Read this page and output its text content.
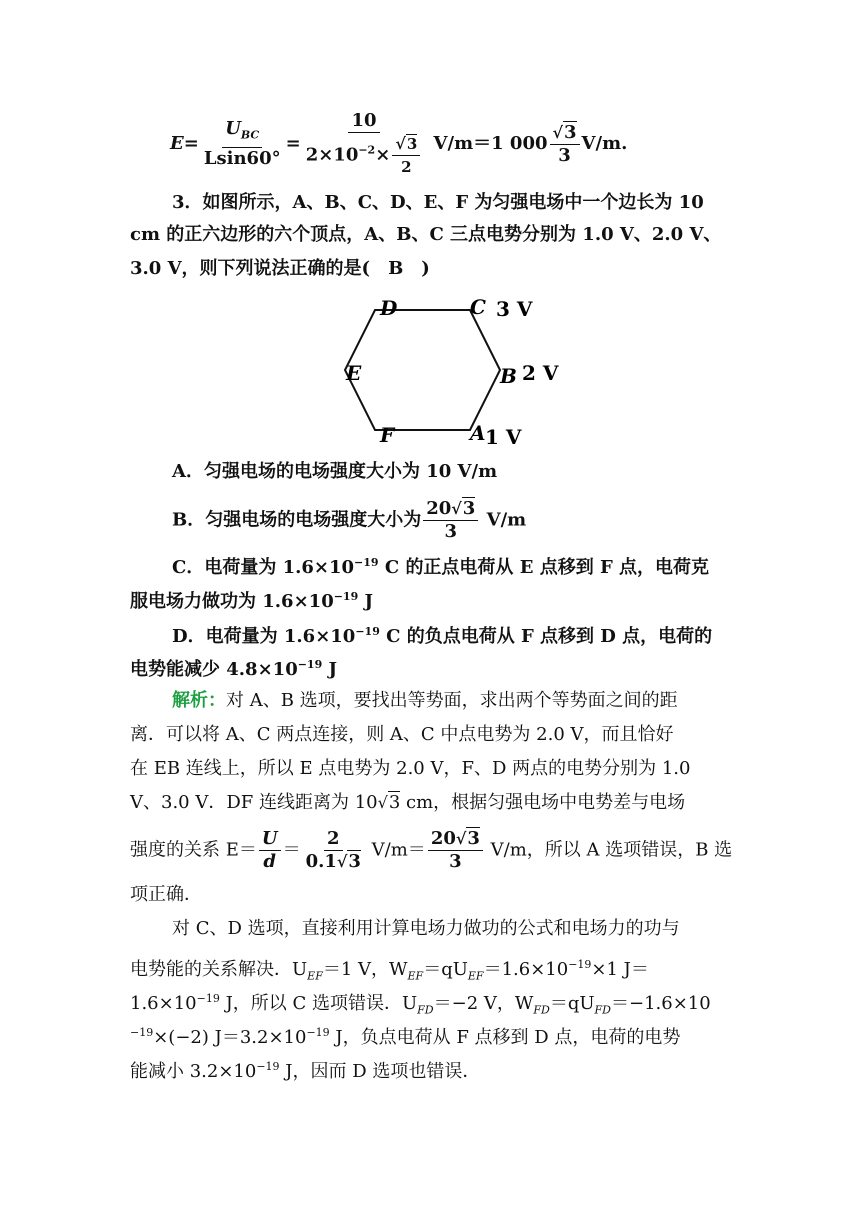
$E= \frac{U_{BC}}{Lsin60^\circ} = \frac{10}{2\times 10^{-2}\times \frac{√3}{2}} V/m=1$ $000 \frac{√3}{3} V/m$.
3．如图所示，A、B、C、D、E、F 为匀强电场中一个边长为 10
cm 的正六边形的六个顶点，A、B、C 三点电势分别为 1.0 V、2.0 V、
3.0 V，则下列说法正确的是(　B　)
D	C 3 V
E	B 2 V
F	A 1 V
A．匀强电场的电场强度大小为 10 V/m
B．匀强电场的电场强度大小为 $\frac{20√3}{3} V/m$
C．电荷量为 $1.6\times 10^{-19}$ C 的正点电荷从 E 点移到 F 点，电荷克
服电场力做功为 $1.6\times 10^{-19}$ J
D．电荷量为 $1.6\times 10^{-19}$ C 的负点电荷从 F 点移到 D 点，电荷的
电势能减少 $4.8\times 10^{-19}$ J
解析：对 A、B 选项，要找出等势面，求出两个等势面之间的距
离．可以将 A、C 两点连接，则 A、C 中点电势为 2.0 V，而且恰好
在 EB 连线上，所以 E 点电势为 2.0 V，F、D 两点的电势分别为 1.0
V、3.0 V．DF 连线距离为 10√3 cm，根据匀强电场中电势差与电场
强度的关系 $E= \frac{U}{d} = \frac{2}{0.1√3} V/m= \frac{20√3}{3} V/m$，所以 A 选项错误，B 选
项正确．
对 C、D 选项，直接利用计算电场力做功的公式和电场力的功与
电势能的关系解决．$U_{EF}=1$ V，$W_{EF}=qU_{EF}=1.6\times 10^{-19}\times 1$ J＝
$1.6\times 10^{-19}$ J，所以 C 选项错误．$U_{FD}=-2$ V，$W_{FD}=qU_{FD}=-1.6\times 10$
$^{-19}$×(−2) $J=3.2\times 10^{-19}$ J，负点电荷从 F 点移到 D 点，电荷的电势
能减小 $3.2\times 10^{-19}$ J，因而 D 选项也错误．
